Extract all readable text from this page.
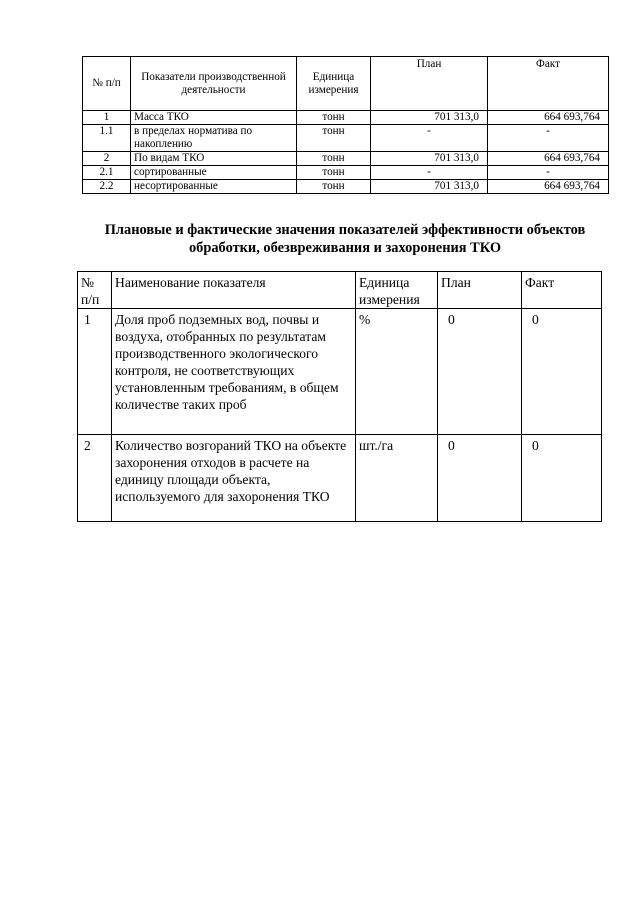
№ п/п	Показатели производственной деятельности	Единица измерения	План	Факт
1	Масса ТКО	тонн	701 313,0	664 693,764
1.1	в пределах норматива по накоплению	тонн	-	-
2	По видам ТКО	тонн	701 313,0	664 693,764
2.1	сортированные	тонн	-	-
2.2	несортированные	тонн	701 313,0	664 693,764
Плановые и фактические значения показателей эффективности объектов обработки, обезвреживания и захоронения ТКО
№ п/п	Наименование показателя	Единица измерения	План	Факт
1	Доля проб подземных вод, почвы и воздуха, отобранных по результатам производственного экологического контроля, не соответствующих установленным требованиям, в общем количестве таких проб	%	0	0
2	Количество возгораний ТКО на объекте захоронения отходов в расчете на единицу площади объекта, используемого для захоронения ТКО	шт./га	0	0
